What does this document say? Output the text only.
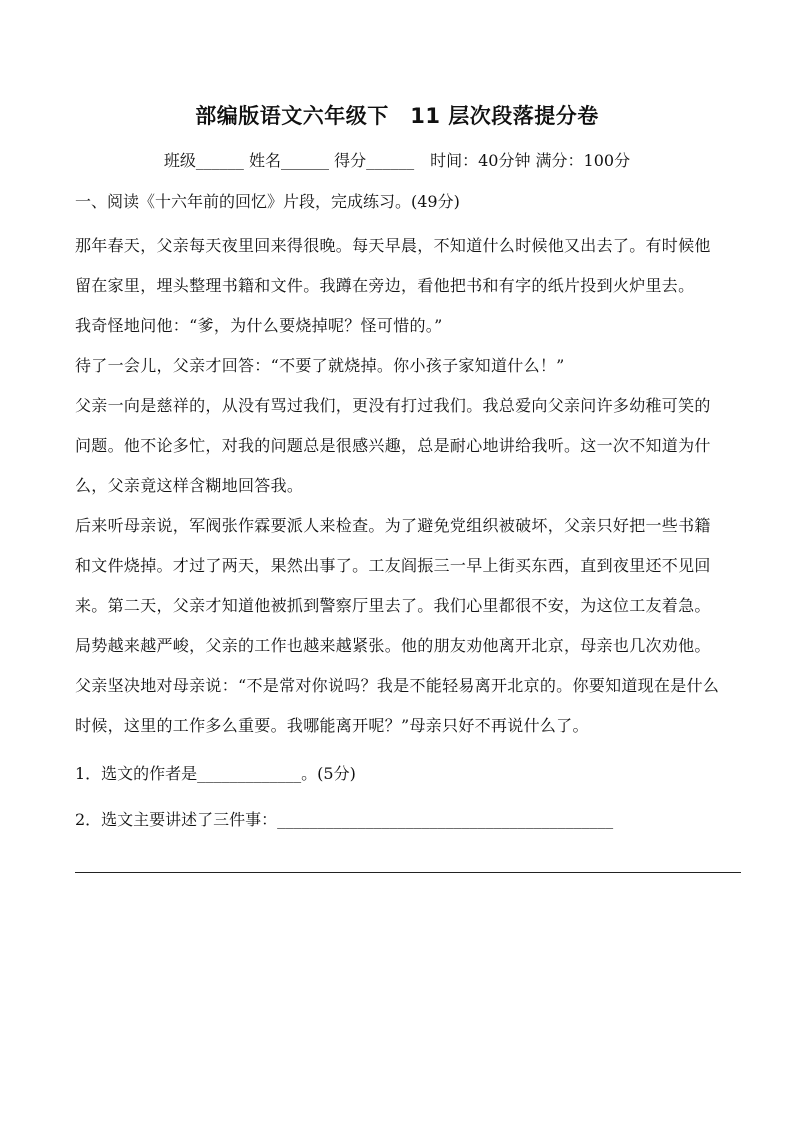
部编版语文六年级下　11 层次段落提分卷
班级______ 姓名______ 得分______　时间：40分钟 满分：100分
一、阅读《十六年前的回忆》片段，完成练习。(49分)

那年春天，父亲每天夜里回来得很晚。每天早晨，不知道什么时候他又出去了。有时候他留在家里，埋头整理书籍和文件。我蹲在旁边，看他把书和有字的纸片投到火炉里去。

我奇怪地问他：“爹，为什么要烧掉呢？怪可惜的。”

待了一会儿，父亲才回答：“不要了就烧掉。你小孩子家知道什么！”

父亲一向是慈祥的，从没有骂过我们，更没有打过我们。我总爱向父亲问许多幼稚可笑的问题。他不论多忙，对我的问题总是很感兴趣，总是耐心地讲给我听。这一次不知道为什么，父亲竟这样含糊地回答我。

后来听母亲说，军阀张作霖要派人来检查。为了避免党组织被破坏，父亲只好把一些书籍和文件烧掉。才过了两天，果然出事了。工友阎振三一早上街买东西，直到夜里还不见回来。第二天，父亲才知道他被抓到警察厅里去了。我们心里都很不安，为这位工友着急。

局势越来越严峻，父亲的工作也越来越紧张。他的朋友劝他离开北京，母亲也几次劝他。父亲坚决地对母亲说：“不是常对你说吗？我是不能轻易离开北京的。你要知道现在是什么时候，这里的工作多么重要。我哪能离开呢？”母亲只好不再说什么了。

1．选文的作者是_____________。(5分)

2．选文主要讲述了三件事：__________________________________________
